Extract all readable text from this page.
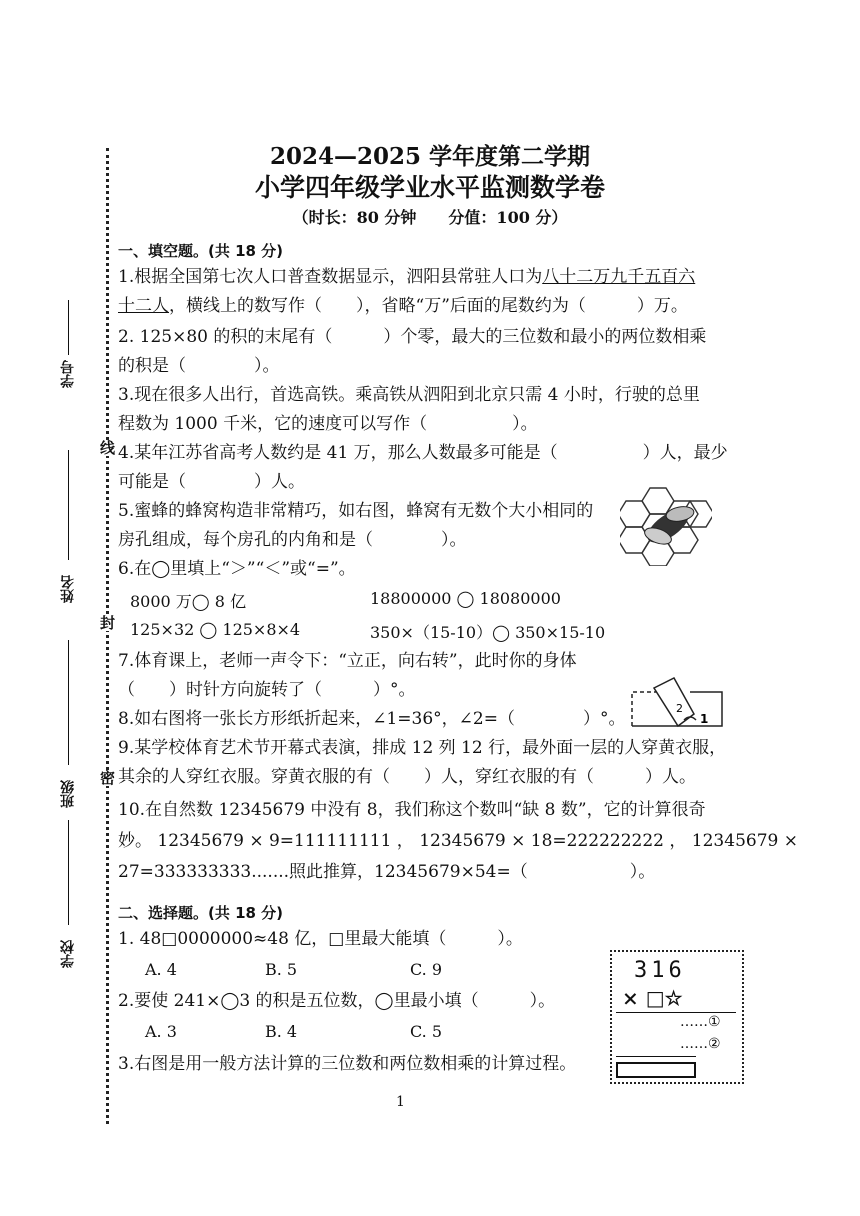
线
封
密
学号
姓名
班级
学校
2024—2025 学年度第二学期
小学四年级学业水平监测数学卷
（时长：80 分钟　　分值：100 分）
一、填空题。(共 18 分)
1.根据全国第七次人口普查数据显示，泗阳县常驻人口为八十二万九千五百六
十二人，横线上的数写作（　　），省略“万”后面的尾数约为（　　　）万。
2. 125×80 的积的末尾有（　　　）个零，最大的三位数和最小的两位数相乘
的积是（　　　　）。
3.现在很多人出行，首选高铁。乘高铁从泗阳到北京只需 4 小时，行驶的总里
程数为 1000 千米，它的速度可以写作（　　　　　）。
4.某年江苏省高考人数约是 41 万，那么人数最多可能是（　　　　　）人，最少
可能是（　　　　）人。
5.蜜蜂的蜂窝构造非常精巧，如右图，蜂窝有无数个大小相同的
房孔组成，每个房孔的内角和是（　　　　）。
6.在◯里填上“＞”“＜”或“=”。
8000 万◯ 8 亿	18800000 ◯ 18080000
125×32 ◯ 125×8×4	350×（15-10）◯ 350×15-10
7.体育课上，老师一声令下：“立正，向右转”，此时你的身体
（　　）时针方向旋转了（　　　）°。
8.如右图将一张长方形纸折起来，∠1=36°，∠2=（　　　　）°。
2
1
9.某学校体育艺术节开幕式表演，排成 12 列 12 行，最外面一层的人穿黄衣服，
其余的人穿红衣服。穿黄衣服的有（　　）人，穿红衣服的有（　　　）人。
10.在自然数 12345679 中没有 8，我们称这个数叫“缺 8 数”，它的计算很奇
妙。 12345679 × 9=111111111 ， 12345679 × 18=222222222 ， 12345679 ×
27=333333333.......照此推算，12345679×54=（　　　　　　）。
二、选择题。(共 18 分)
1. 48□0000000≈48 亿，□里最大能填（　　　）。
A. 4	B. 5	C. 9
2.要使 241×◯3 的积是五位数，◯里最小填（　　　）。
A. 3	B. 4	C. 5
3.右图是用一般方法计算的三位数和两位数相乘的计算过程。
316
× □☆
……①
……②
1
